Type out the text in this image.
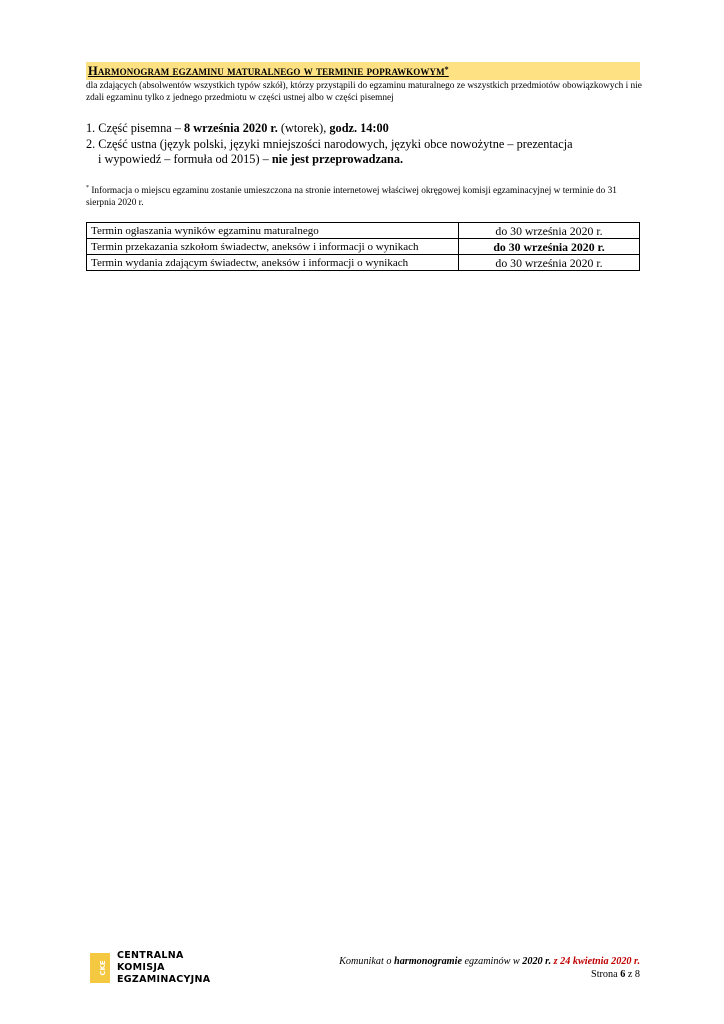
Harmonogram egzaminu maturalnego w terminie poprawkowym*
dla zdających (absolwentów wszystkich typów szkół), którzy przystąpili do egzaminu maturalnego ze wszystkich przedmiotów obowiązkowych i nie zdali egzaminu tylko z jednego przedmiotu w części ustnej albo w części pisemnej
1. Część pisemna – 8 września 2020 r. (wtorek), godz. 14:00
2. Część ustna (język polski, języki mniejszości narodowych, języki obce nowożytne – prezentacja
i wypowiedź – formuła od 2015) – nie jest przeprowadzana.
* Informacja o miejscu egzaminu zostanie umieszczona na stronie internetowej właściwej okręgowej komisji egzaminacyjnej w terminie do 31 sierpnia 2020 r.
Termin ogłaszania wyników egzaminu maturalnego	do 30 września 2020 r.
Termin przekazania szkołom świadectw, aneksów i informacji o wynikach	do 30 września 2020 r.
Termin wydania zdającym świadectw, aneksów i informacji o wynikach	do 30 września 2020 r.
CKE
CENTRALNA
KOMISJA
EGZAMINACYJNA
Komunikat o harmonogramie egzaminów w 2020 r. z 24 kwietnia 2020 r.
Strona 6 z 8
